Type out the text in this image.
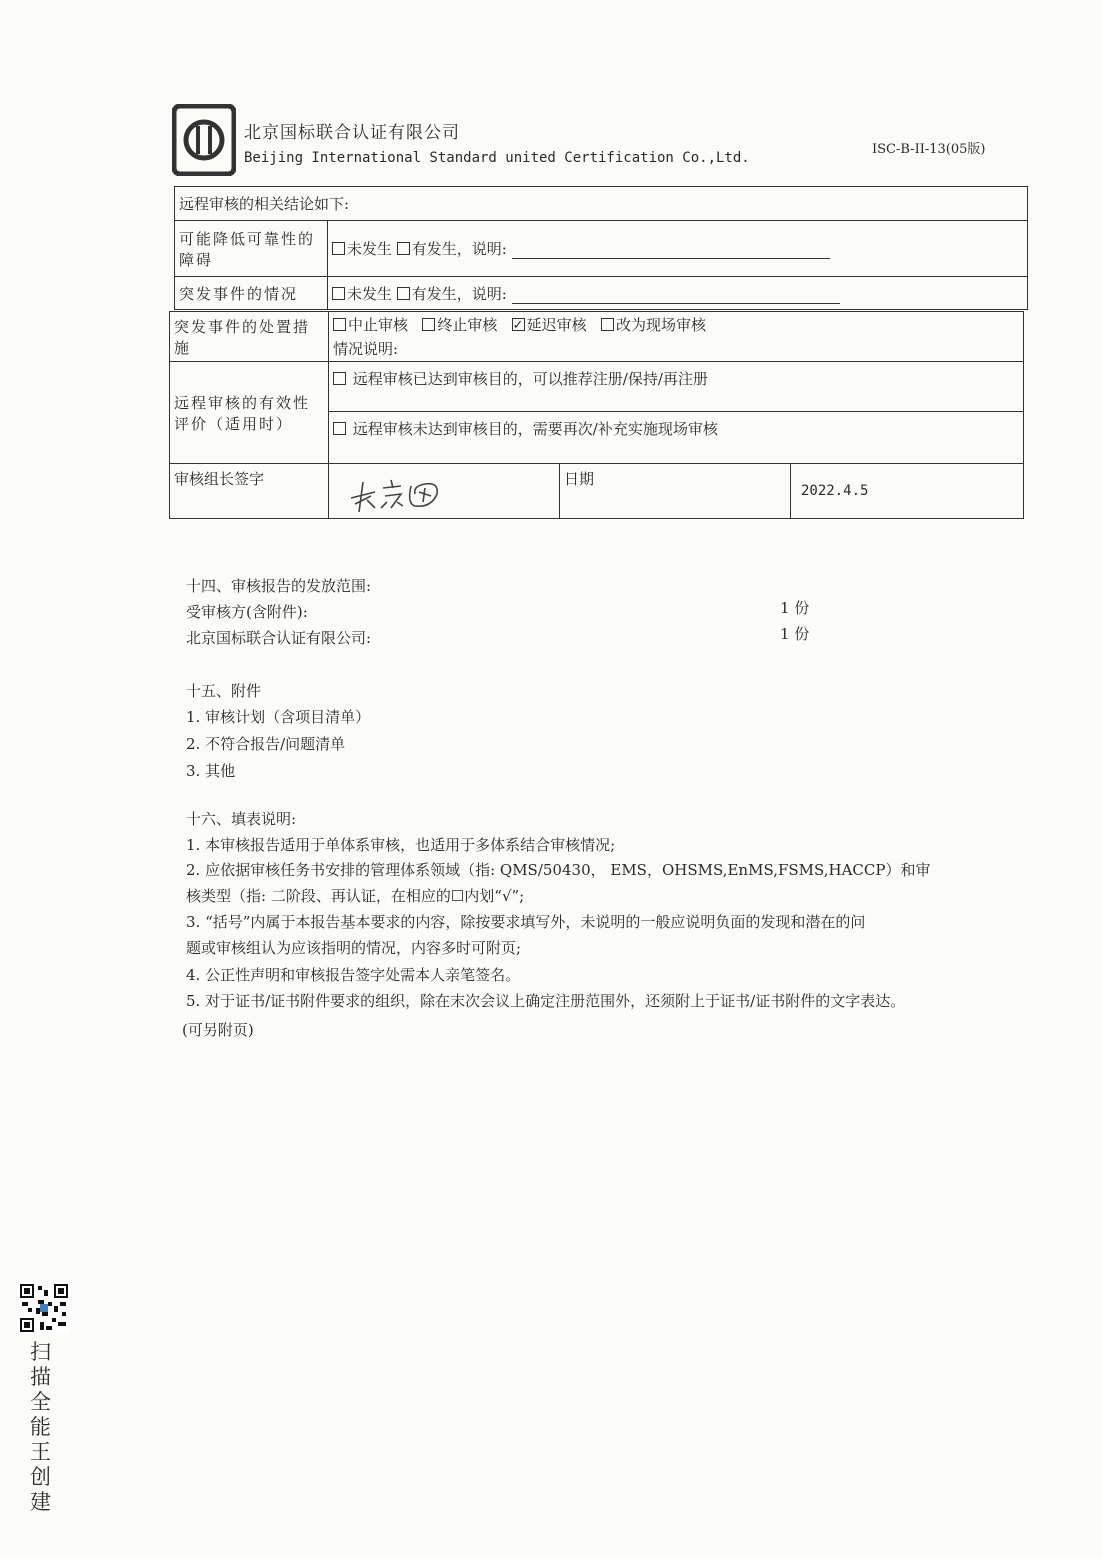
北京国标联合认证有限公司
Beijing International Standard united Certification Co.,Ltd.
ISC-B-II-13(05版)
远程审核的相关结论如下:	
可能降低可靠性的障碍	未发生 有发生，说明:
突发事件的情况	未发生 有发生，说明:
突发事件的处置措施	中止审核 终止审核 ✓ 延迟审核 改为现场审核
情况说明:
远程审核的有效性评价（适用时）	远程审核已达到审核目的，可以推荐注册/保持/再注册		
	远程审核未达到审核目的，需要再次/补充实施现场审核		
审核组长签字		日期	2022.4.5
十四、审核报告的发放范围:
受审核方(含附件):	1 份
北京国标联合认证有限公司:	1 份
十五、附件
1. 审核计划（含项目清单）
2. 不符合报告/问题清单
3. 其他
十六、填表说明:
1. 本审核报告适用于单体系审核，也适用于多体系结合审核情况;
2. 应依据审核任务书安排的管理体系领域（指: QMS/50430， EMS，OHSMS,EnMS,FSMS,HACCP）和审
核类型（指: 二阶段、再认证，在相应的☐内划“√”;
3. “括号”内属于本报告基本要求的内容，除按要求填写外，未说明的一般应说明负面的发现和潜在的问
题或审核组认为应该指明的情况，内容多时可附页;
4. 公正性声明和审核报告签字处需本人亲笔签名。
5. 对于证书/证书附件要求的组织，除在末次会议上确定注册范围外，还须附上于证书/证书附件的文字表达。
(可另附页)
扫描全能王 创建
